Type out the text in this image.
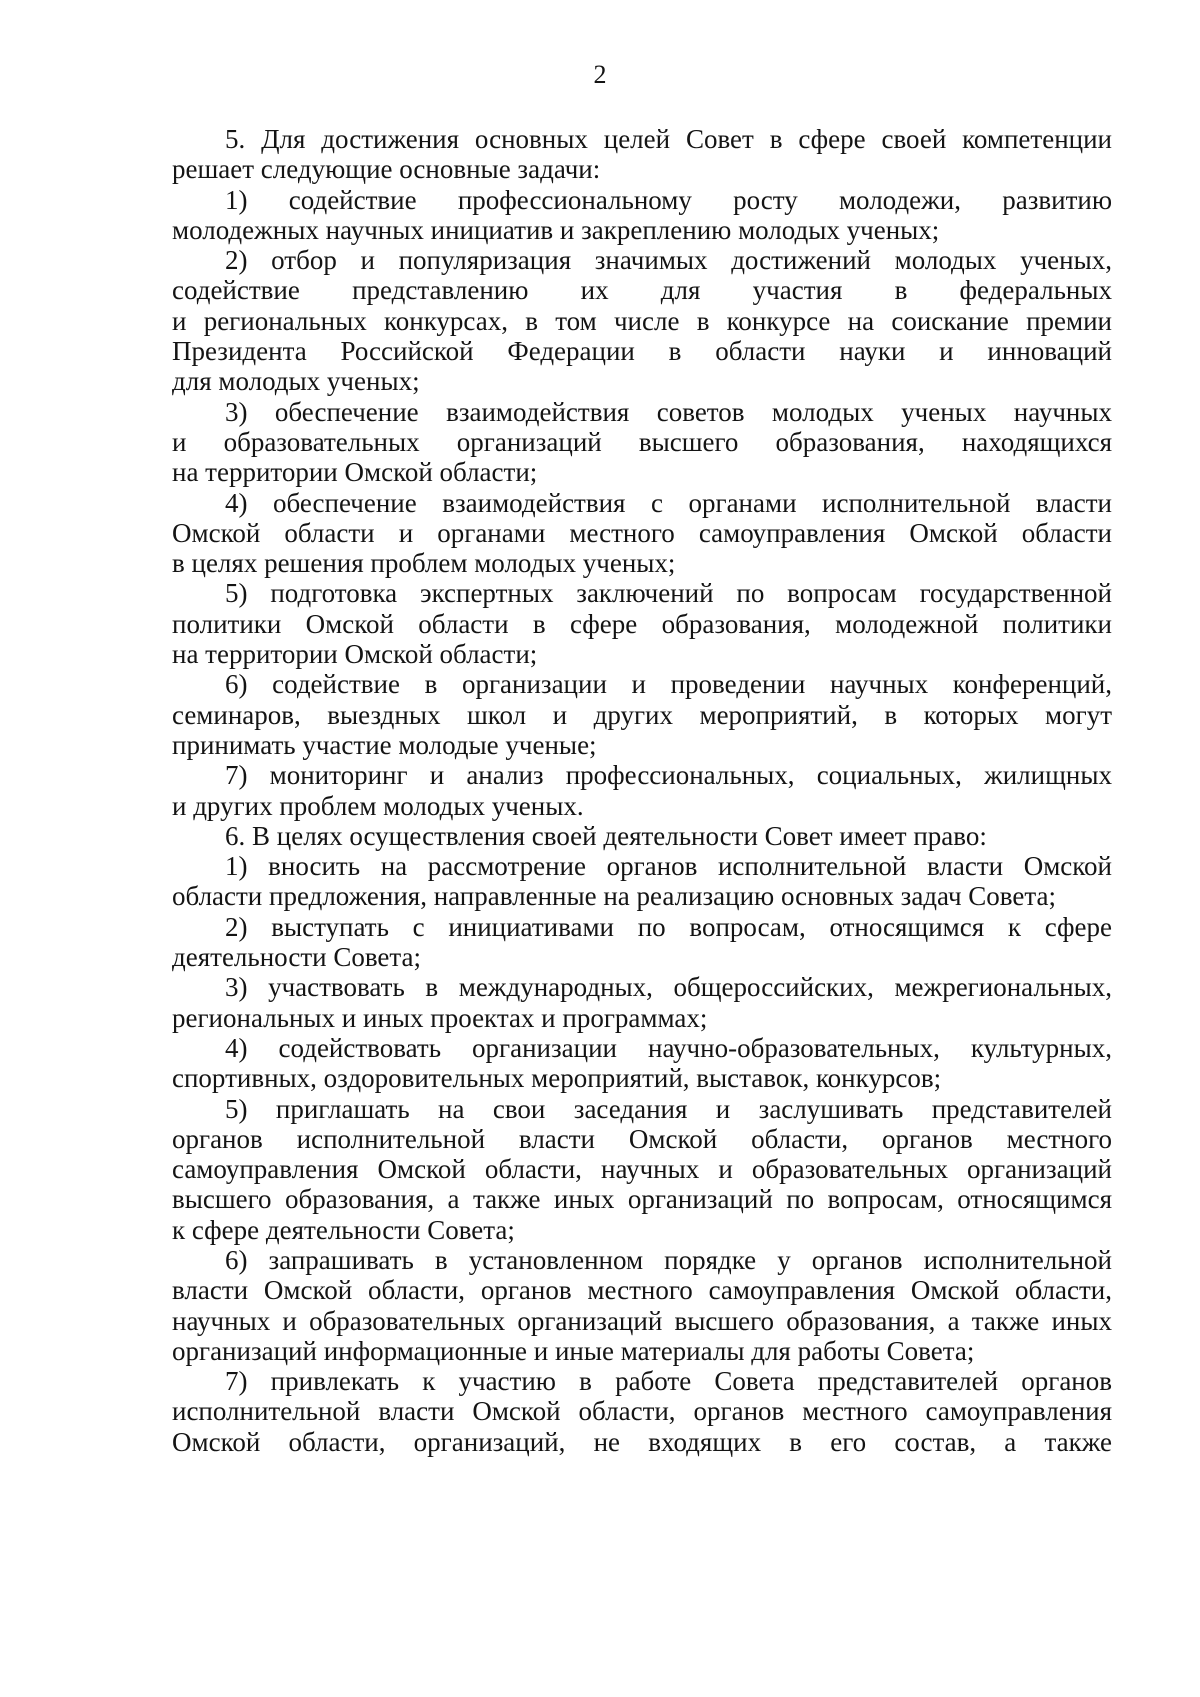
2
5. Для достижения основных целей Совет в сфере своей компетенции
решает следующие основные задачи:
1) содействие профессиональному росту молодежи, развитию
молодежных научных инициатив и закреплению молодых ученых;
2) отбор и популяризация значимых достижений молодых ученых,
содействие представлению их для участия в федеральных
и региональных конкурсах, в том числе в конкурсе на соискание премии
Президента Российской Федерации в области науки и инноваций
для молодых ученых;
3) обеспечение взаимодействия советов молодых ученых научных
и образовательных организаций высшего образования, находящихся
на территории Омской области;
4) обеспечение взаимодействия с органами исполнительной власти
Омской области и органами местного самоуправления Омской области
в целях решения проблем молодых ученых;
5) подготовка экспертных заключений по вопросам государственной
политики Омской области в сфере образования, молодежной политики
на территории Омской области;
6) содействие в организации и проведении научных конференций,
семинаров, выездных школ и других мероприятий, в которых могут
принимать участие молодые ученые;
7) мониторинг и анализ профессиональных, социальных, жилищных
и других проблем молодых ученых.
6. В целях осуществления своей деятельности Совет имеет право:
1) вносить на рассмотрение органов исполнительной власти Омской
области предложения, направленные на реализацию основных задач Совета;
2) выступать с инициативами по вопросам, относящимся к сфере
деятельности Совета;
3) участвовать в международных, общероссийских, межрегиональных,
региональных и иных проектах и программах;
4) содействовать организации научно-образовательных, культурных,
спортивных, оздоровительных мероприятий, выставок, конкурсов;
5) приглашать на свои заседания и заслушивать представителей
органов исполнительной власти Омской области, органов местного
самоуправления Омской области, научных и образовательных организаций
высшего образования, а также иных организаций по вопросам, относящимся
к сфере деятельности Совета;
6) запрашивать в установленном порядке у органов исполнительной
власти Омской области, органов местного самоуправления Омской области,
научных и образовательных организаций высшего образования, а также иных
организаций информационные и иные материалы для работы Совета;
7) привлекать к участию в работе Совета представителей органов
исполнительной власти Омской области, органов местного самоуправления
Омской области, организаций, не входящих в его состав, а также
